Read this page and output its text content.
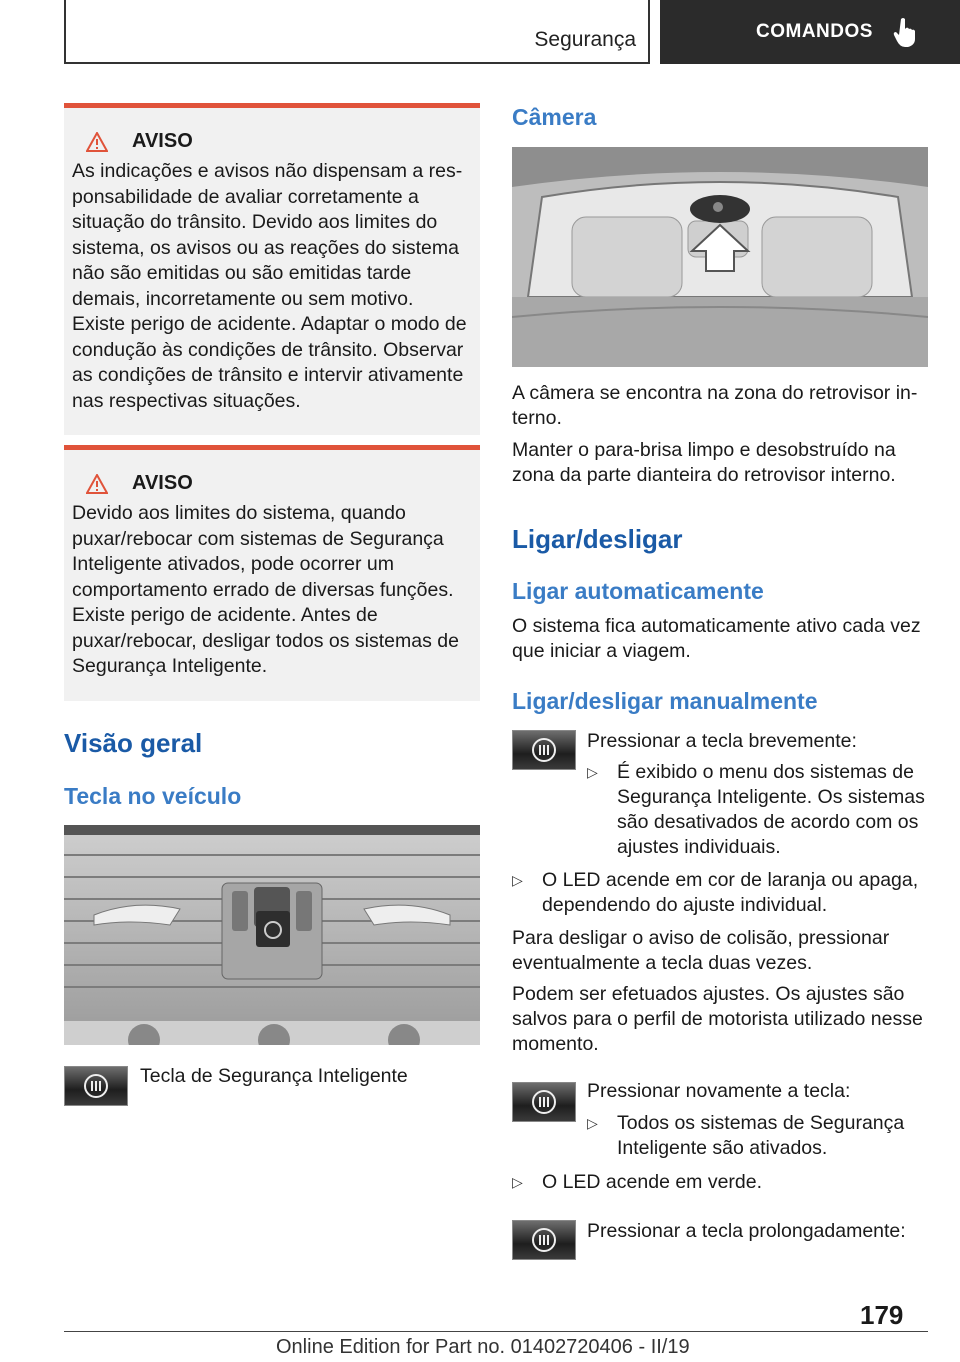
Segurança	COMANDOS
AVISO
As indicações e avisos não dispensam a responsabilidade de avaliar corretamente a situação do trânsito. Devido aos limites do sistema, os avisos ou as reações do sistema não são emitidas ou são emitidas tarde demais, incorretamente ou sem motivo. Existe perigo de acidente. Adaptar o modo de condução às condições de trânsito. Observar as condições de trânsito e intervir ativamente nas respectivas situações.
AVISO
Devido aos limites do sistema, quando puxar/rebocar com sistemas de Segurança Inteligente ativados, pode ocorrer um comportamento errado de diversas funções. Existe perigo de acidente. Antes de puxar/rebocar, desligar todos os sistemas de Segurança Inteligente.
Visão geral
Tecla no veículo
Tecla de Segurança Inteligente
Câmera
A câmera se encontra na zona do retrovisor interno.
Manter o para-brisa limpo e desobstruído na zona da parte dianteira do retrovisor interno.
Ligar/desligar
Ligar automaticamente
O sistema fica automaticamente ativo cada vez que iniciar a viagem.
Ligar/desligar manualmente
Pressionar a tecla brevemente:
▷ É exibido o menu dos sistemas de Segurança Inteligente. Os sistemas são desativados de acordo com os ajustes individuais.
▷ O LED acende em cor de laranja ou apaga, dependendo do ajuste individual.
Para desligar o aviso de colisão, pressionar eventualmente a tecla duas vezes.
Podem ser efetuados ajustes. Os ajustes são salvos para o perfil de motorista utilizado nesse momento.
Pressionar novamente a tecla:
▷ Todos os sistemas de Segurança Inteligente são ativados.
▷ O LED acende em verde.
Pressionar a tecla prolongadamente:
179
Online Edition for Part no. 01402720406 - II/19
